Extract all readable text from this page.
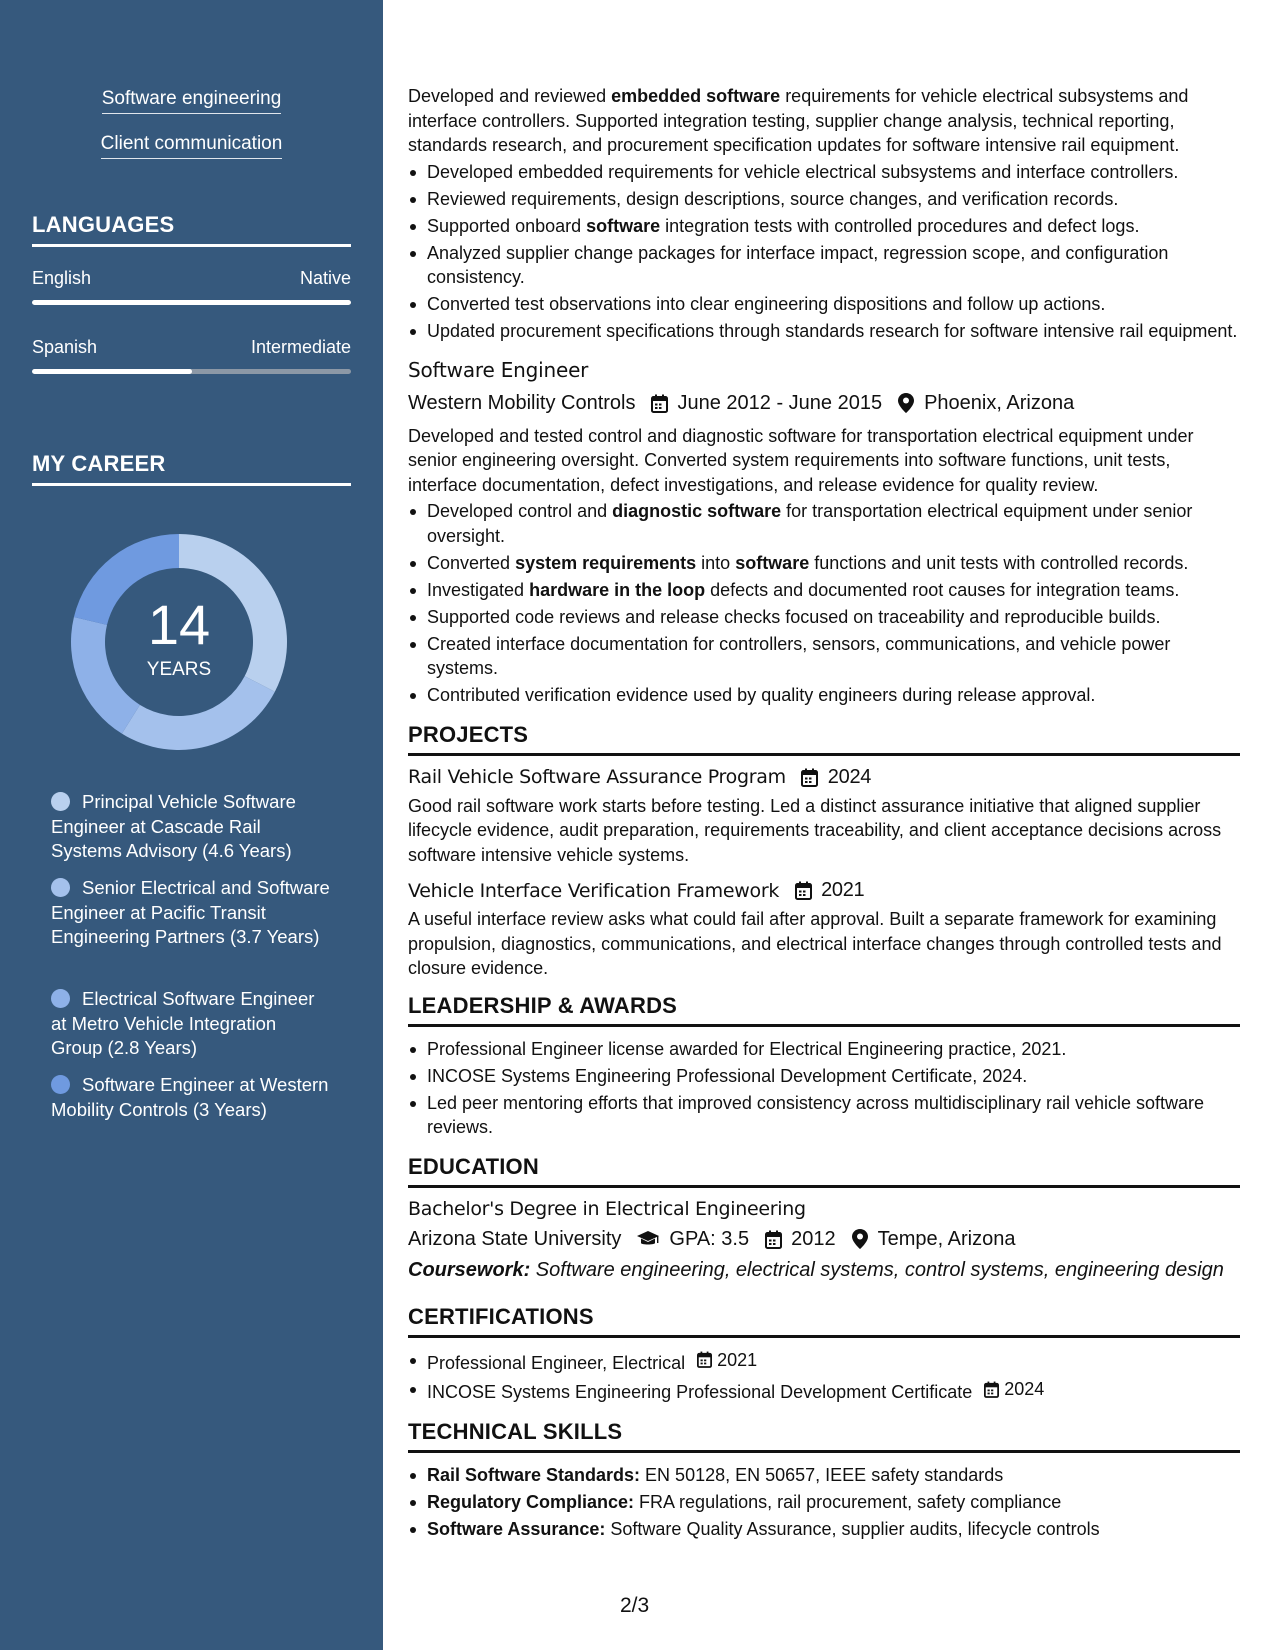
Software engineering
Client communication
LANGUAGES
English	Native
Spanish	Intermediate
MY CAREER
14
YEARS
Principal Vehicle Software Engineer at Cascade Rail Systems Advisory (4.6 Years)
Senior Electrical and Software Engineer at Pacific Transit Engineering Partners (3.7 Years)
Electrical Software Engineer at Metro Vehicle Integration Group (2.8 Years)
Software Engineer at Western Mobility Controls (3 Years)
Developed and reviewed embedded software requirements for vehicle electrical subsystems and interface controllers. Supported integration testing, supplier change analysis, technical reporting, standards research, and procurement specification updates for software intensive rail equipment.
Developed embedded requirements for vehicle electrical subsystems and interface controllers.
Reviewed requirements, design descriptions, source changes, and verification records.
Supported onboard software integration tests with controlled procedures and defect logs.
Analyzed supplier change packages for interface impact, regression scope, and configuration consistency.
Converted test observations into clear engineering dispositions and follow up actions.
Updated procurement specifications through standards research for software intensive rail equipment.
Software Engineer
Western Mobility Controls June 2012 - June 2015 Phoenix, Arizona
Developed and tested control and diagnostic software for transportation electrical equipment under senior engineering oversight. Converted system requirements into software functions, unit tests, interface documentation, defect investigations, and release evidence for quality review.
Developed control and diagnostic software for transportation electrical equipment under senior oversight.
Converted system requirements into software functions and unit tests with controlled records.
Investigated hardware in the loop defects and documented root causes for integration teams.
Supported code reviews and release checks focused on traceability and reproducible builds.
Created interface documentation for controllers, sensors, communications, and vehicle power systems.
Contributed verification evidence used by quality engineers during release approval.
PROJECTS
Rail Vehicle Software Assurance Program 2024
Good rail software work starts before testing. Led a distinct assurance initiative that aligned supplier lifecycle evidence, audit preparation, requirements traceability, and client acceptance decisions across software intensive vehicle systems.
Vehicle Interface Verification Framework 2021
A useful interface review asks what could fail after approval. Built a separate framework for examining propulsion, diagnostics, communications, and electrical interface changes through controlled tests and closure evidence.
LEADERSHIP & AWARDS
Professional Engineer license awarded for Electrical Engineering practice, 2021.
INCOSE Systems Engineering Professional Development Certificate, 2024.
Led peer mentoring efforts that improved consistency across multidisciplinary rail vehicle software reviews.
EDUCATION
Bachelor's Degree in Electrical Engineering
Arizona State University GPA: 3.5 2012 Tempe, Arizona
Coursework: Software engineering, electrical systems, control systems, engineering design
CERTIFICATIONS
Professional Engineer, Electrical 2021
INCOSE Systems Engineering Professional Development Certificate 2024
TECHNICAL SKILLS
Rail Software Standards: EN 50128, EN 50657, IEEE safety standards
Regulatory Compliance: FRA regulations, rail procurement, safety compliance
Software Assurance: Software Quality Assurance, supplier audits, lifecycle controls
2/3
